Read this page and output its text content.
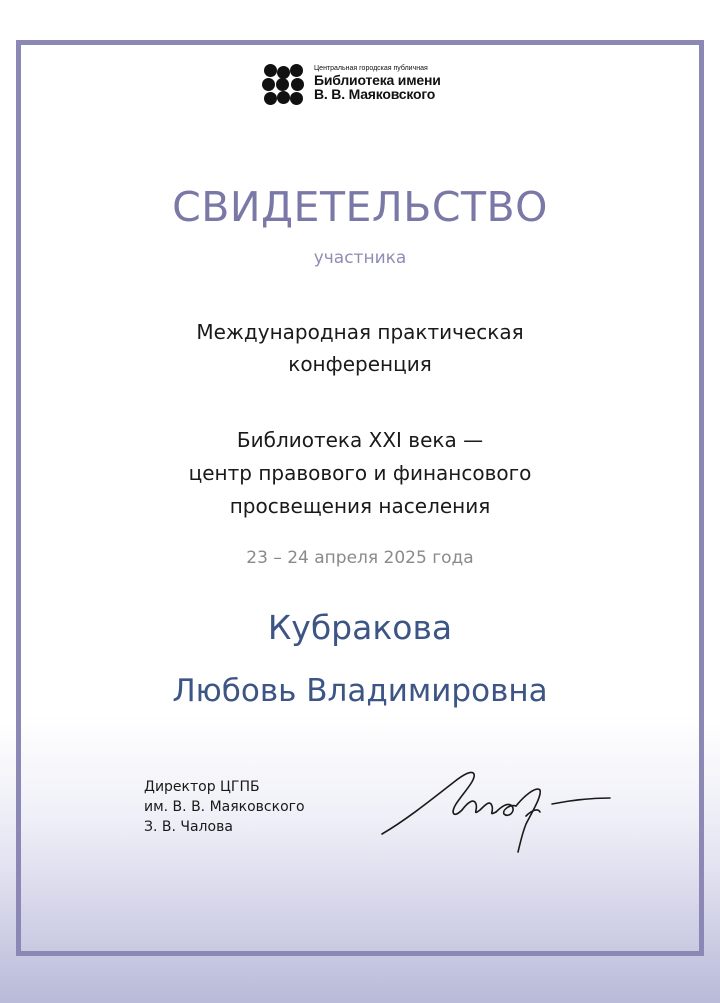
Центральная городская публичная
Библиотека имени
В. В. Маяковского
СВИДЕТЕЛЬСТВО
участника
Международная практическая
конференция
Библиотека XXI века —
центр правового и финансового
просвещения населения
23 – 24 апреля 2025 года
Кубракова
Любовь Владимировна
Директор ЦГПБ
им. В. В. Маяковского
З. В. Чалова
